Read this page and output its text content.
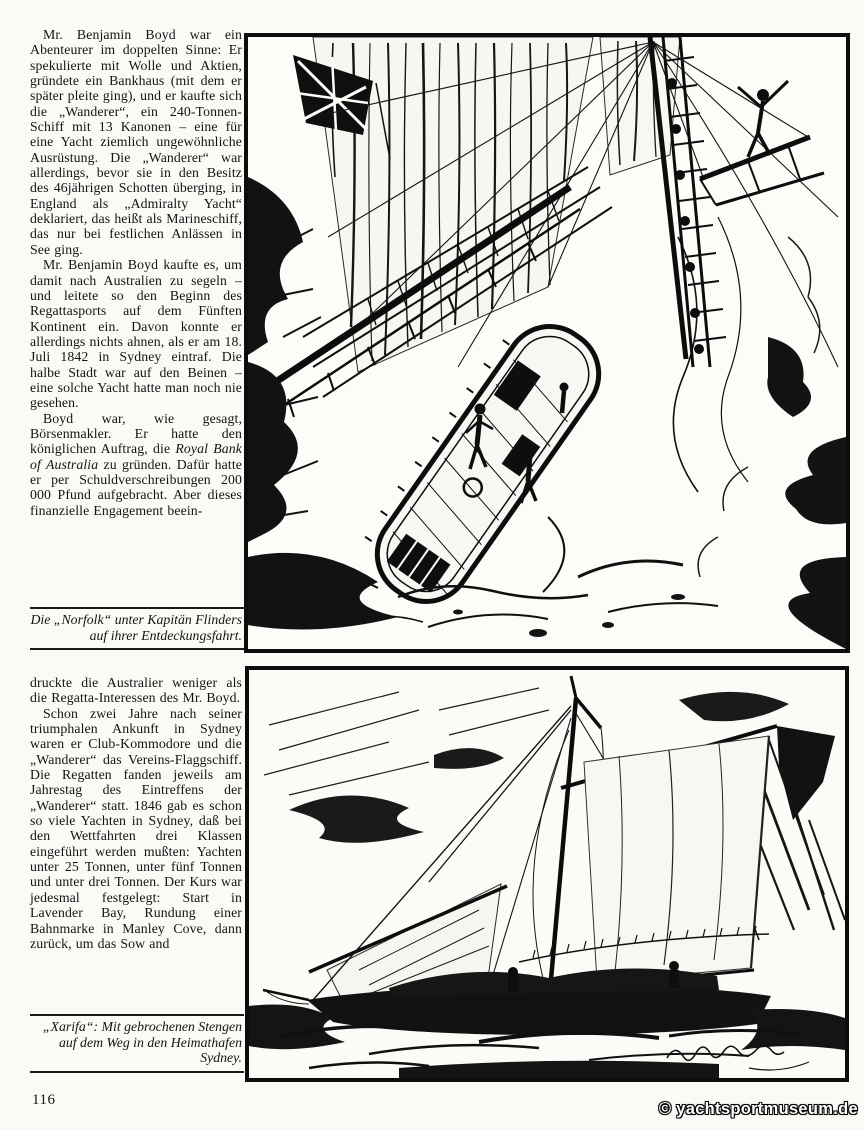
Mr. Benjamin Boyd war ein Abenteurer im doppelten Sinne: Er spekulierte mit Wolle und Aktien, gründete ein Bankhaus (mit dem er später pleite ging), und er kaufte sich die „Wanderer“, ein 240-Tonnen-Schiff mit 13 Kanonen – eine für eine Yacht ziemlich ungewöhnliche Ausrüstung. Die „Wanderer“ war allerdings, bevor sie in den Besitz des 46jährigen Schotten überging, in England als „Admiralty Yacht“ deklariert, das heißt als Marineschiff, das nur bei festlichen Anlässen in See ging.

Mr. Benjamin Boyd kaufte es, um damit nach Australien zu segeln – und leitete so den Beginn des Regattasports auf dem Fünften Kontinent ein. Davon konnte er allerdings nichts ahnen, als er am 18. Juli 1842 in Sydney eintraf. Die halbe Stadt war auf den Beinen – eine solche Yacht hatte man noch nie gesehen.

Boyd war, wie gesagt, Börsenmakler. Er hatte den königlichen Auftrag, die Royal Bank of Australia zu gründen. Dafür hatte er per Schuldverschreibungen 200 000 Pfund aufgebracht. Aber dieses finanzielle Engagement beein-

Die „Norfolk“ unter Kapitän Flinders auf ihrer Entdeckungsfahrt.

druckte die Australier weniger als die Regatta-Interessen des Mr. Boyd.

Schon zwei Jahre nach seiner triumphalen Ankunft in Sydney waren er Club-Kommodore und die „Wanderer“ das Vereins-Flaggschiff. Die Regatten fanden jeweils am Jahrestag des Eintreffens der „Wanderer“ statt. 1846 gab es schon so viele Yachten in Sydney, daß bei den Wettfahrten drei Klassen eingeführt werden mußten: Yachten unter 25 Tonnen, unter fünf Tonnen und unter drei Tonnen. Der Kurs war jedesmal festgelegt: Start in Lavender Bay, Rundung einer Bahnmarke in Manley Cove, dann zurück, um das Sow and

„Xarifa“: Mit gebrochenen Stengen auf dem Weg in den Heimathafen Sydney.
116	© yachtsportmuseum.de
